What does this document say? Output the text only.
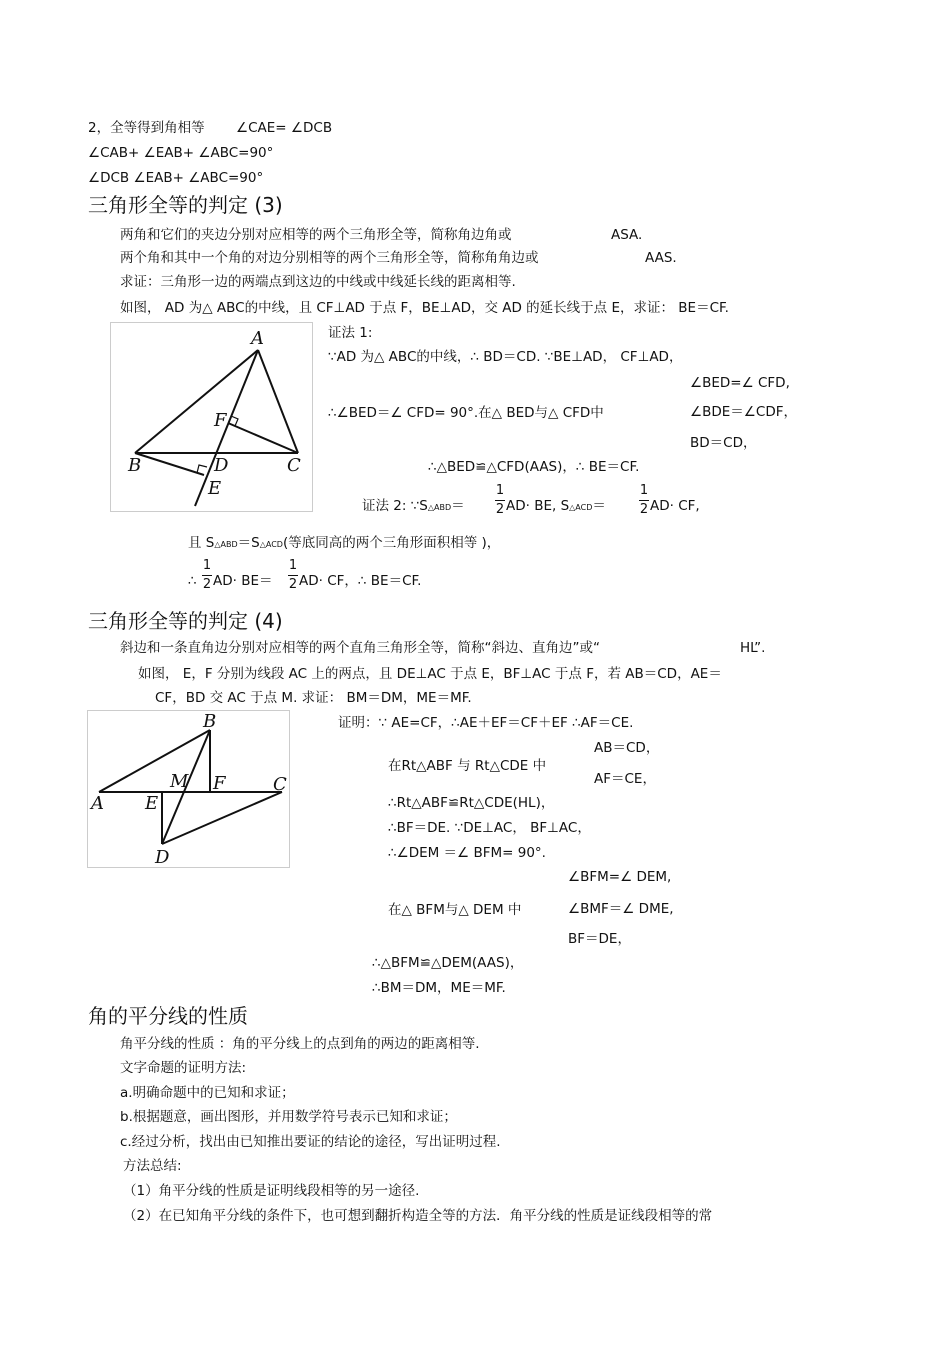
2，全等得到角相等 ∠CAE= ∠DCB
∠CAB+ ∠EAB+ ∠ABC=90°
∠DCB ∠EAB+ ∠ABC=90°
三角形全等的判定 (3)
两角和它们的夹边分别对应相等的两个三角形全等，简称角边角或	ASA.
两个角和其中一个角的对边分别相等的两个三角形全等，简称角角边或	AAS.
求证：三角形一边的两端点到这边的中线或中线延长线的距离相等.
如图， AD 为△ ABC的中线，且 CF⊥AD 于点 F，BE⊥AD，交 AD 的延长线于点 E，求证： BE＝CF.
A
B	C
D
E
F
证法 1:
∵AD 为△ ABC的中线，∴ BD＝CD. ∵BE⊥AD， CF⊥AD，
∠BED=∠ CFD,
∴∠BED＝∠ CFD= 90°.在△ BED与△ CFD中	∠BDE＝∠CDF，
BD＝CD，
∴△BED≌△CFD(AAS)，∴ BE＝CF.
证法 2: ∵S△ABD＝
1
2 AD· BE, S△ACD＝
1
2 AD· CF,
且 S△ABD＝S△ACD(等底同高的两个三角形面积相等 )，
∴
1
2 AD· BE＝
1
2 AD· CF，∴ BE＝CF.
三角形全等的判定 (4)
斜边和一条直角边分别对应相等的两个直角三角形全等，简称“斜边、直角边”或“	HL”.
如图， E，F 分别为线段 AC 上的两点，且 DE⊥AC 于点 E，BF⊥AC 于点 F，若 AB＝CD，AE＝
CF，BD 交 AC 于点 M. 求证： BM＝DM，ME＝MF.
B
A
C
D
E
F
M
证明：∵ AE=CF，∴AE＋EF＝CF＋EF ∴AF＝CE.
AB＝CD，
在Rt△ABF 与 Rt△CDE 中
AF＝CE，
∴Rt△ABF≌Rt△CDE(HL)，
∴BF＝DE. ∵DE⊥AC， BF⊥AC，
∴∠DEM ＝∠ BFM= 90°.
∠BFM=∠ DEM,
在△ BFM与△ DEM 中	∠BMF＝∠ DME,
BF＝DE，
∴△BFM≌△DEM(AAS)，
∴BM＝DM，ME＝MF.
角的平分线的性质
角平分线的性质 ：角的平分线上的点到角的两边的距离相等.
文字命题的证明方法:
a.明确命题中的已知和求证；
b.根据题意，画出图形，并用数学符号表示已知和求证；
c.经过分析，找出由已知推出要证的结论的途径，写出证明过程.
方法总结:
（1）角平分线的性质是证明线段相等的另一途径.
（2）在已知角平分线的条件下，也可想到翻折构造全等的方法．角平分线的性质是证线段相等的常
